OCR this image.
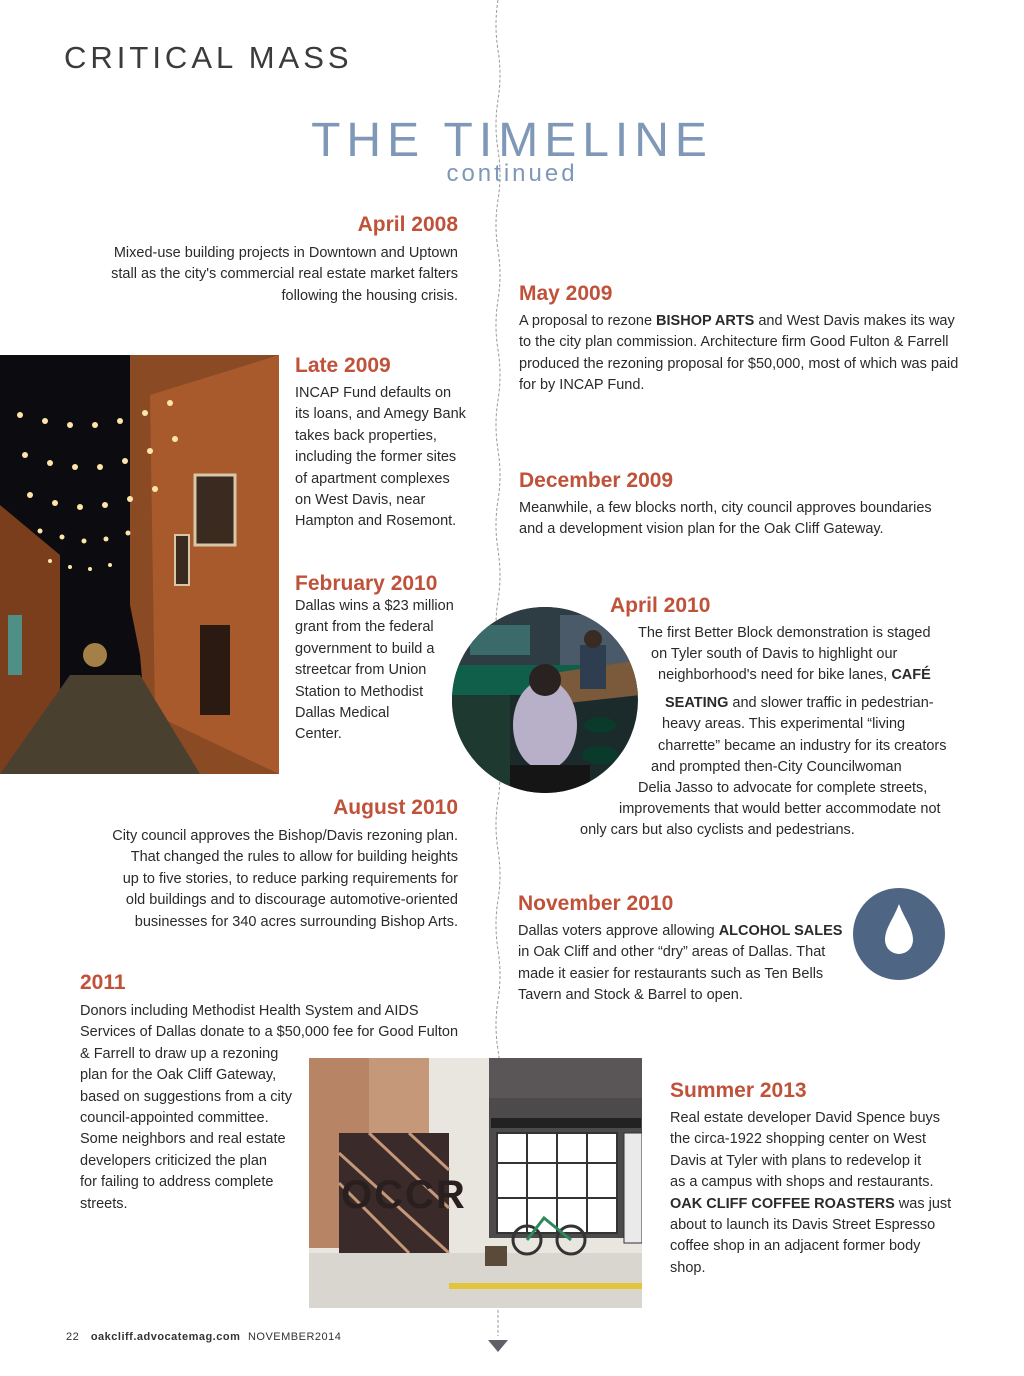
CRITICAL MASS
THE TIMELINE
continued
April 2008
Mixed-use building projects in Downtown and Uptown
stall as the city's commercial real estate market falters
following the housing crisis.	May 2009
A proposal to rezone BISHOP ARTS and West Davis makes its way
to the city plan commission. Architecture firm Good Fulton & Farrell
produced the rezoning proposal for $50,000, most of which was paid
for by INCAP Fund.
Late 2009
INCAP Fund defaults on
its loans, and Amegy Bank
takes back properties,
including the former sites
of apartment complexes
on West Davis, near
Hampton and Rosemont.
December 2009
Meanwhile, a few blocks north, city council approves boundaries
and a development vision plan for the Oak Cliff Gateway.
February 2010
Dallas wins a $23 million
grant from the federal
government to build a
streetcar from Union
Station to Methodist
Dallas Medical
Center.
April 2010
The first Better Block demonstration is staged
on Tyler south of Davis to highlight our
neighborhood's need for bike lanes, CAFÉ
SEATING and slower traffic in pedestrian-
heavy areas. This experimental “living
charrette” became an industry for its creators
and prompted then-City Councilwoman
Delia Jasso to advocate for complete streets,
improvements that would better accommodate not
only cars but also cyclists and pedestrians.
August 2010
City council approves the Bishop/Davis rezoning plan.
That changed the rules to allow for building heights
up to five stories, to reduce parking requirements for
old buildings and to discourage automotive-oriented
businesses for 340 acres surrounding Bishop Arts.
November 2010
Dallas voters approve allowing ALCOHOL SALES
in Oak Cliff and other “dry” areas of Dallas. That
made it easier for restaurants such as Ten Bells
Tavern and Stock & Barrel to open.
2011
Donors including Methodist Health System and AIDS
Services of Dallas donate to a $50,000 fee for Good Fulton
& Farrell to draw up a rezoning
plan for the Oak Cliff Gateway,
based on suggestions from a city
council-appointed committee.
Some neighbors and real estate
developers criticized the plan
for failing to address complete
streets.	OCCR
Summer 2013
Real estate developer David Spence buys
the circa-1922 shopping center on West
Davis at Tyler with plans to redevelop it
as a campus with shops and restaurants.
OAK CLIFF COFFEE ROASTERS was just
about to launch its Davis Street Espresso
coffee shop in an adjacent former body
shop.
22 oakcliff.advocatemag.com NOVEMBER2014
